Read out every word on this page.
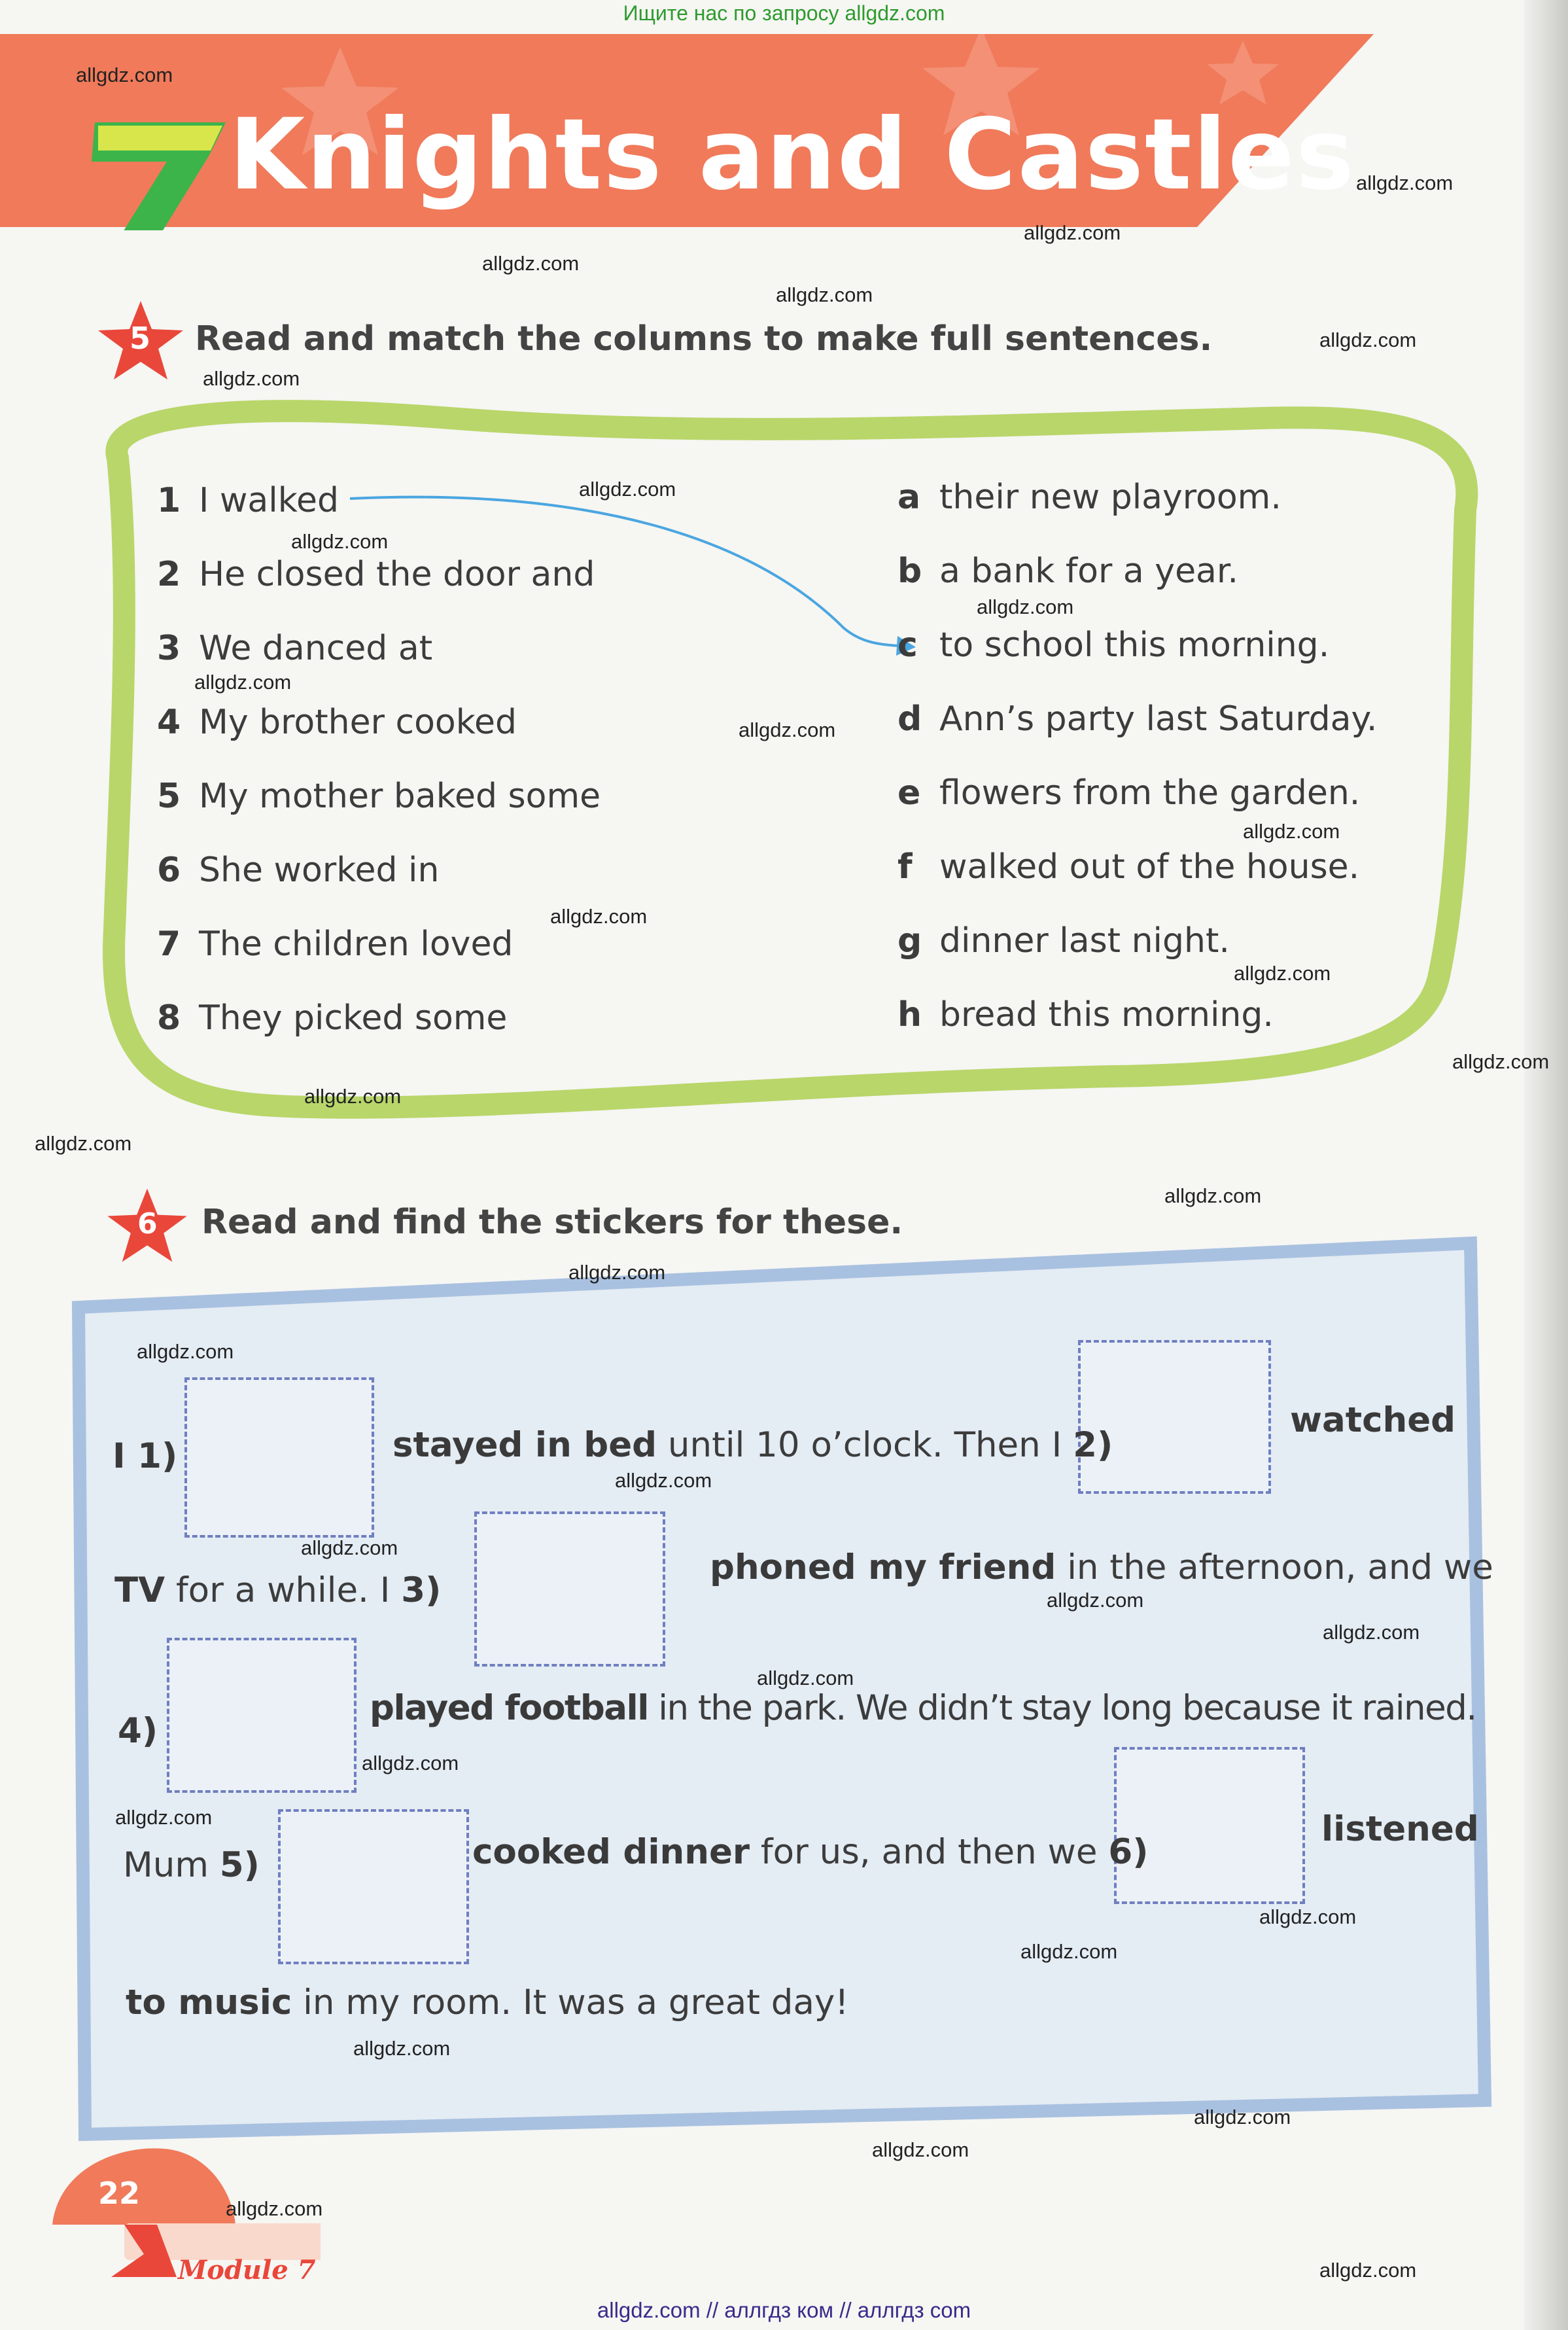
Ищите нас по запросу allgdz.com
Knights and Castles
5 Read and match the columns to make full sentences.
1 I walked
2 He closed the door and
3 We danced at
4 My brother cooked
5 My mother baked some
6 She worked in
7 The children loved
8 They picked some
a their new playroom.
b a bank for a year.
c to school this morning.
d Ann’s party last Saturday.
e flowers from the garden.
f walked out of the house.
g dinner last night.
h bread this morning.
6 Read and find the stickers for these.
I 1)	stayed in bed until 10 o’clock. Then I 2)
watched
TV for a while. I 3)
phoned my friend in the afternoon, and we
4)
played football in the park. We didn’t stay long because it rained.
Mum 5)	cooked dinner for us, and then we 6)
listened
to music in my room. It was a great day!
22
Module 7
allgdz.com // аллгдз ком // аллгдз com
allgdz.com
allgdz.com
allgdz.com
allgdz.com
allgdz.com
allgdz.com
allgdz.com
allgdz.com
allgdz.com
allgdz.com
allgdz.com
allgdz.com
allgdz.com
allgdz.com
allgdz.com
allgdz.com
allgdz.com
allgdz.com
allgdz.com
allgdz.com
allgdz.com
allgdz.com
allgdz.com
allgdz.com
allgdz.com
allgdz.com
allgdz.com
allgdz.com
allgdz.com
allgdz.com
allgdz.com
allgdz.com
allgdz.com
allgdz.com
allgdz.com
